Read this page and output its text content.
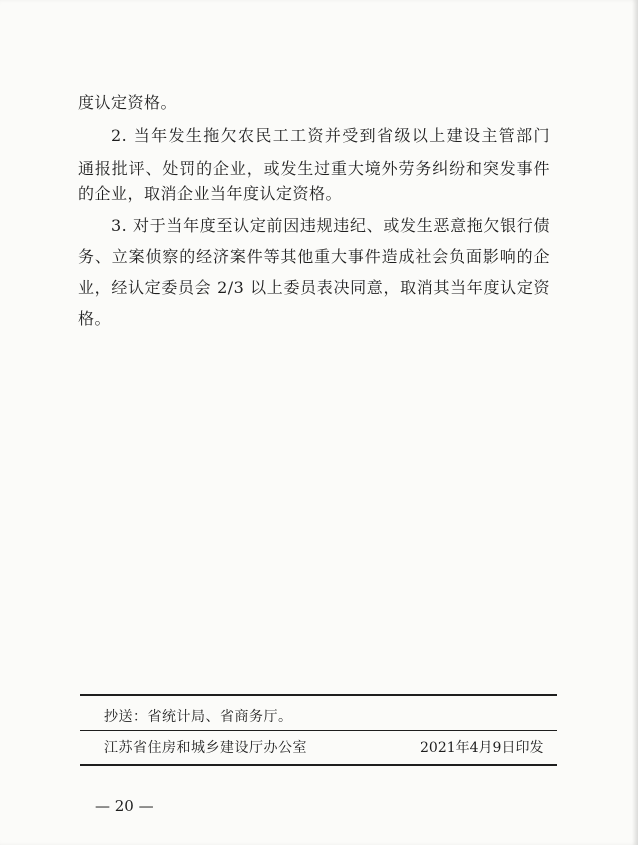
度认定资格。
2. 当年发生拖欠农民工工资并受到省级以上建设主管部门
通报批评、处罚的企业，或发生过重大境外劳务纠纷和突发事件
的企业，取消企业当年度认定资格。
3. 对于当年度至认定前因违规违纪、或发生恶意拖欠银行债
务、立案侦察的经济案件等其他重大事件造成社会负面影响的企
业，经认定委员会 2/3 以上委员表决同意，取消其当年度认定资
格。
抄送：省统计局、省商务厅。
江苏省住房和城乡建设厅办公室	2021年4月9日印发
— 20 —
